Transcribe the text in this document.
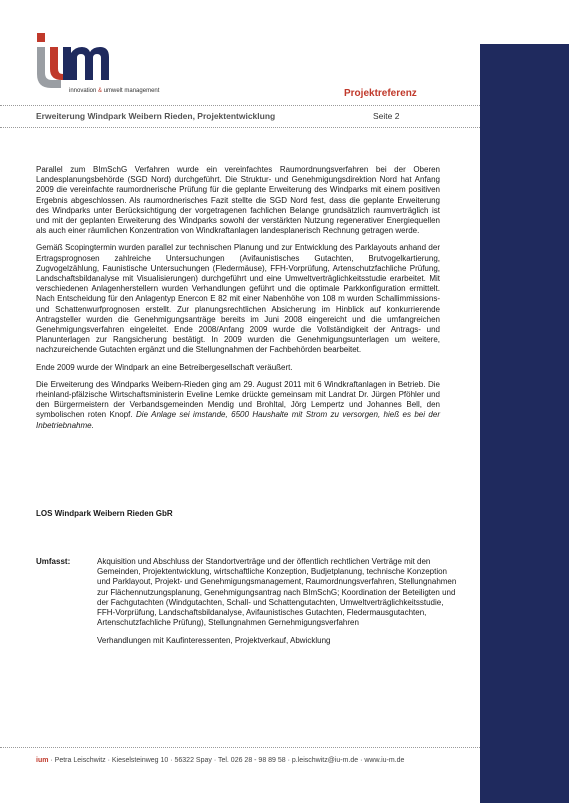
innovation & umwelt management	Projektreferenz
Erweiterung Windpark Weibern Rieden, Projektentwicklung	Seite 2

Parallel zum BImSchG Verfahren wurde ein vereinfachtes Raumordnungsverfahren bei der Oberen Landesplanungsbehörde (SGD Nord) durchgeführt. Die Struktur- und Genehmigungsdirektion Nord hat Anfang 2009 die vereinfachte raumordnerische Prüfung für die geplante Erweiterung des Windparks mit einem positiven Ergebnis abgeschlossen. Als raumordnerisches Fazit stellte die SGD Nord fest, dass die geplante Erweiterung des Windparks unter Berücksichtigung der vorgetragenen fachlichen Belange grundsätzlich raumverträglich ist und mit der geplanten Erweiterung des Windparks sowohl der verstärkten Nutzung regenerativer Energiequellen als auch einer räumlichen Konzentration von Windkraftanlagen landesplanerisch Rechnung getragen werde.

Gemäß Scopingtermin wurden parallel zur technischen Planung und zur Entwicklung des Parklayouts anhand der Ertragsprognosen zahlreiche Untersuchungen (Avifaunistisches Gutachten, Brutvogelkartierung, Zugvogelzählung, Faunistische Untersuchungen (Fledermäuse), FFH-Vorprüfung, Artenschutzfachliche Prüfung, Landschaftsbildanalyse mit Visualisierungen) durchgeführt und eine Umweltverträglichkeitsstudie erarbeitet. Mit verschiedenen Anlagenherstellern wurden Verhandlungen geführt und die optimale Parkkonfiguration ermittelt. Nach Entscheidung für den Anlagentyp Enercon E 82 mit einer Nabenhöhe von 108 m wurden Schallimmissions- und Schattenwurfprognosen erstellt. Zur planungsrechtlichen Absicherung im Hinblick auf konkurrierende Antragsteller wurden die Genehmigungsanträge bereits im Juni 2008 eingereicht und die umfangreichen Genehmigungsverfahren eingeleitet. Ende 2008/Anfang 2009 wurde die Vollständigkeit der Antrags- und Planunterlagen zur Rangsicherung bestätigt. In 2009 wurden die Genehmigungsunterlagen um weitere, nachzureichende Gutachten ergänzt und die Stellungnahmen der Fachbehörden bearbeitet.

Ende 2009 wurde der Windpark an eine Betreibergesellschaft veräußert.

Die Erweiterung des Windparks Weibern-Rieden ging am 29. August 2011 mit 6 Windkraftanlagen in Betrieb. Die rheinland-pfälzische Wirtschaftsministerin Eveline Lemke drückte gemeinsam mit Landrat Dr. Jürgen Pföhler und den Bürgermeistern der Verbandsgemeinden Mendig und Brohltal, Jörg Lempertz und Johannes Bell, den symbolischen roten Knopf. Die Anlage sei imstande, 6500 Haushalte mit Strom zu versorgen, hieß es bei der Inbetriebnahme.

LOS Windpark Weibern Rieden GbR
Umfasst:	Akquisition und Abschluss der Standortverträge und der öffentlich rechtlichen Verträge mit den Gemeinden, Projektentwicklung, wirtschaftliche Konzeption, Budjetplanung, technische Konzeption und Parklayout, Projekt- und Genehmigungsmanagement, Raumordnungsverfahren, Stellungnahmen zur Flächennutzungsplanung, Genehmigungsantrag nach BImSchG; Koordination der Beteiligten und der Fachgutachten (Windgutachten, Schall- und Schattengutachten, Umweltverträglichkeitsstudie, FFH-Vorprüfung, Landschaftsbildanalyse, Avifaunistisches Gutachten, Fledermausgutachten, Artenschutzfachliche Prüfung), Stellungnahmen Gernehmigungsverfahren

Verhandlungen mit Kaufinteressenten, Projektverkauf, Abwicklung

ium · Petra Leischwitz · Kieselsteinweg 10 · 56322 Spay · Tel. 026 28 - 98 89 58 · p.leischwitz@iu-m.de · www.iu-m.de
